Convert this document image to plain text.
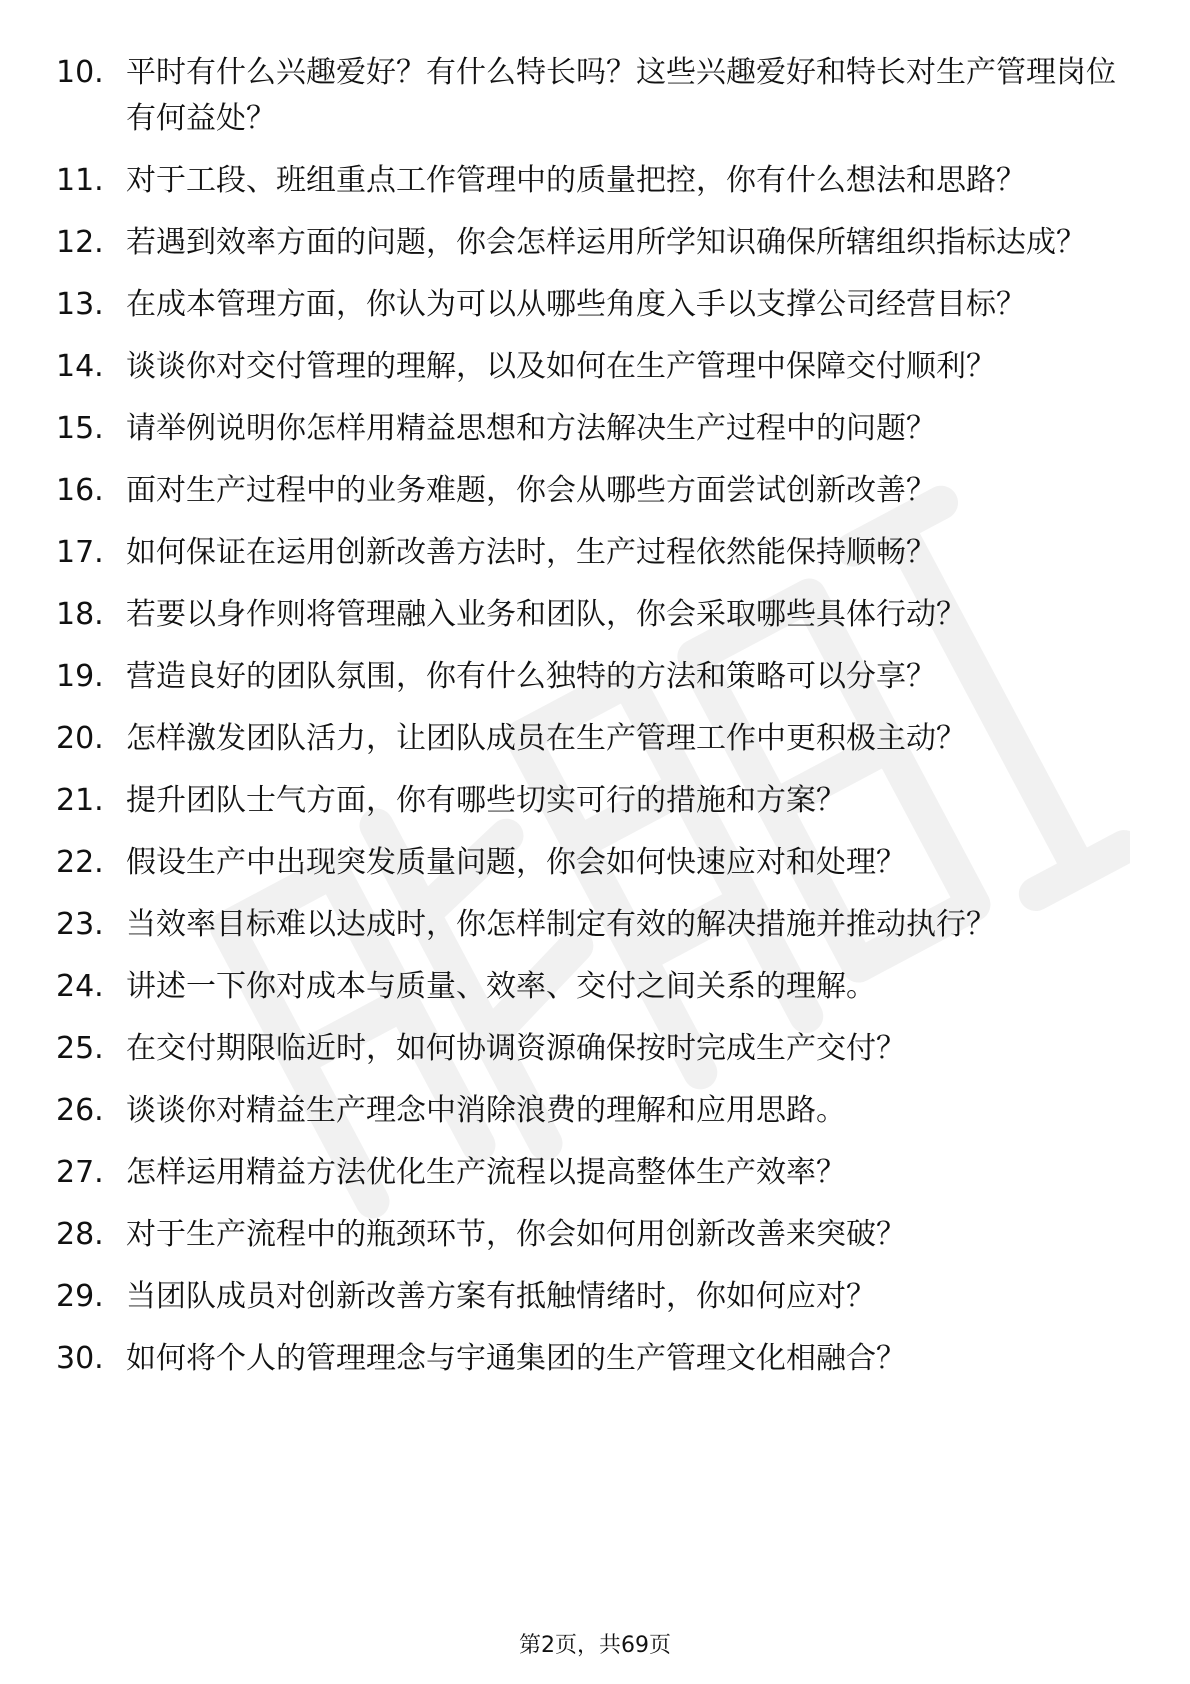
10. 平时有什么兴趣爱好？有什么特长吗？这些兴趣爱好和特长对生产管理岗位有何益处？
11. 对于工段、班组重点工作管理中的质量把控，你有什么想法和思路？
12. 若遇到效率方面的问题，你会怎样运用所学知识确保所辖组织指标达成？
13. 在成本管理方面，你认为可以从哪些角度入手以支撑公司经营目标？
14. 谈谈你对交付管理的理解，以及如何在生产管理中保障交付顺利？
15. 请举例说明你怎样用精益思想和方法解决生产过程中的问题？
16. 面对生产过程中的业务难题，你会从哪些方面尝试创新改善？
17. 如何保证在运用创新改善方法时，生产过程依然能保持顺畅？
18. 若要以身作则将管理融入业务和团队，你会采取哪些具体行动？
19. 营造良好的团队氛围，你有什么独特的方法和策略可以分享？
20. 怎样激发团队活力，让团队成员在生产管理工作中更积极主动？
21. 提升团队士气方面，你有哪些切实可行的措施和方案？
22. 假设生产中出现突发质量问题，你会如何快速应对和处理？
23. 当效率目标难以达成时，你怎样制定有效的解决措施并推动执行？
24. 讲述一下你对成本与质量、效率、交付之间关系的理解。
25. 在交付期限临近时，如何协调资源确保按时完成生产交付？
26. 谈谈你对精益生产理念中消除浪费的理解和应用思路。
27. 怎样运用精益方法优化生产流程以提高整体生产效率？
28. 对于生产流程中的瓶颈环节，你会如何用创新改善来突破？
29. 当团队成员对创新改善方案有抵触情绪时，你如何应对？
30. 如何将个人的管理理念与宇通集团的生产管理文化相融合？
第2页，共69页
